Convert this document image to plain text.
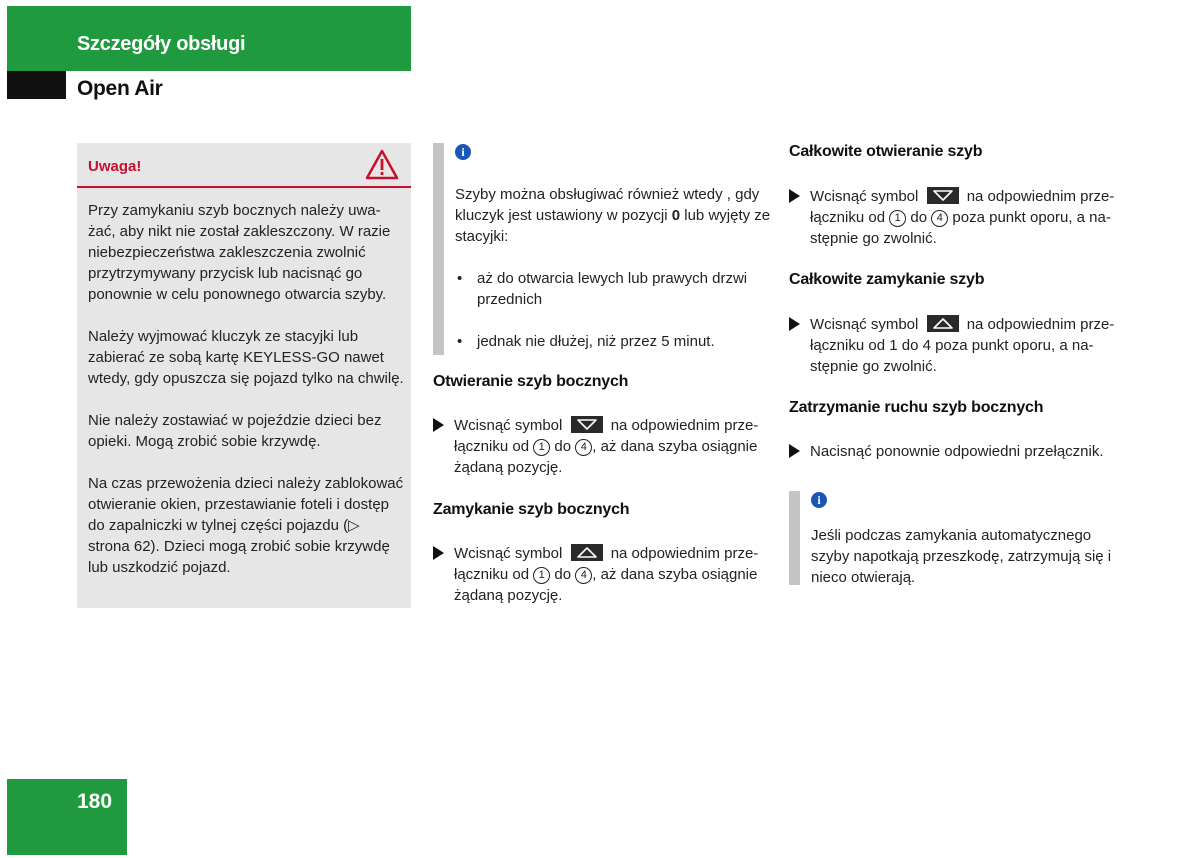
Szczegóły obsługi
Open Air
Uwaga!

Przy zamykaniu szyb bocznych należy uwa-żać, aby nikt nie został zakleszczony. W razie niebezpieczeństwa zakleszczenia zwolnić przytrzymywany przycisk lub nacisnąć go ponownie w celu ponownego otwarcia szyby.

Należy wyjmować kluczyk ze stacyjki lub zabierać ze sobą kartę KEYLESS-GO nawet wtedy, gdy opuszcza się pojazd tylko na chwilę.

Nie należy zostawiać w pojeździe dzieci bez opieki. Mogą zrobić sobie krzywdę.

Na czas przewożenia dzieci należy zablokować otwieranie okien, przestawianie foteli i dostęp do zapalniczki w tylnej części pojazdu (▷ strona 62). Dzieci mogą zrobić sobie krzywdę lub uszkodzić pojazd.

i
Szyby można obsługiwać również wtedy , gdy kluczyk jest ustawiony w pozycji 0 lub wyjęty ze stacyjki:
• aż do otwarcia lewych lub prawych drzwi przednich
• jednak nie dłużej, niż przez 5 minut.
Otwieranie szyb bocznych
Wcisnąć symbol	na odpowiednim prze-łączniku od 1 do 4 , aż dana szyba osiągnie żądaną pozycję.
Zamykanie szyb bocznych
Wcisnąć symbol	na odpowiednim prze-łączniku od 1 do 4 , aż dana szyba osiągnie żądaną pozycję.
Całkowite otwieranie szyb
Wcisnąć symbol	na odpowiednim prze-łączniku od 1 do 4 poza punkt oporu, a na-stępnie go zwolnić.
Całkowite zamykanie szyb
Wcisnąć symbol	na odpowiednim prze-łączniku od 1 do 4 poza punkt oporu, a na-stępnie go zwolnić.
Zatrzymanie ruchu szyb bocznych
Nacisnąć ponownie odpowiedni przełącznik.
i
Jeśli podczas zamykania automatycznego szyby napotkają przeszkodę, zatrzymują się i nieco otwierają.
180
